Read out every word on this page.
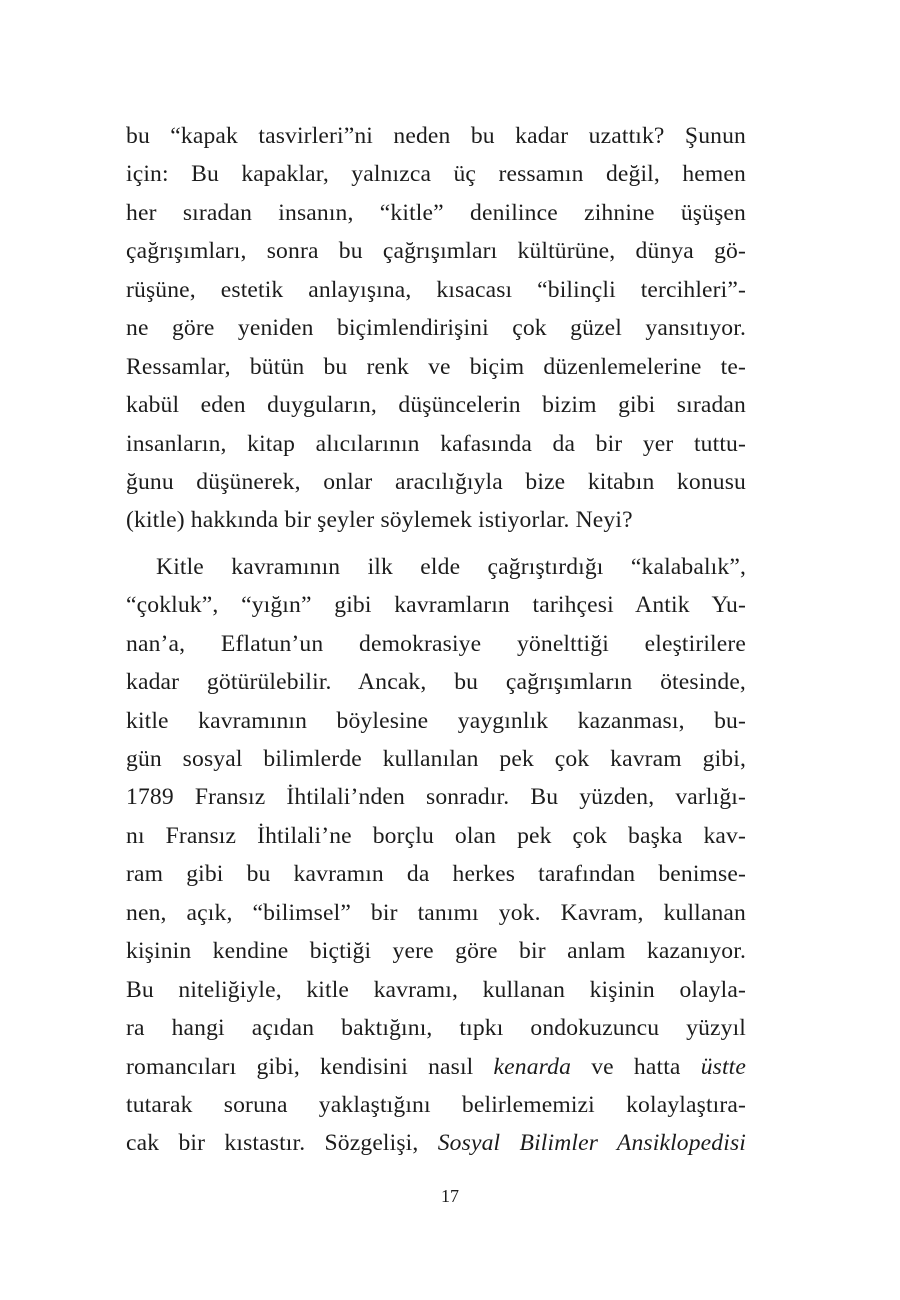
bu “kapak tasvirleri”ni neden bu kadar uzattık? Şunun
için: Bu kapaklar, yalnızca üç ressamın değil, hemen
her sıradan insanın, “kitle” denilince zihnine üşüşen
çağrışımları, sonra bu çağrışımları kültürüne, dünya gö-
rüşüne, estetik anlayışına, kısacası “bilinçli tercihleri”-
ne göre yeniden biçimlendirişini çok güzel yansıtıyor.
Ressamlar, bütün bu renk ve biçim düzenlemelerine te-
kabül eden duyguların, düşüncelerin bizim gibi sıradan
insanların, kitap alıcılarının kafasında da bir yer tuttu-
ğunu düşünerek, onlar aracılığıyla bize kitabın konusu
(kitle) hakkında bir şeyler söylemek istiyorlar. Neyi?
Kitle kavramının ilk elde çağrıştırdığı “kalabalık”,
“çokluk”, “yığın” gibi kavramların tarihçesi Antik Yu-
nan’a, Eflatun’un demokrasiye yönelttiği eleştirilere
kadar götürülebilir. Ancak, bu çağrışımların ötesinde,
kitle kavramının böylesine yaygınlık kazanması, bu-
gün sosyal bilimlerde kullanılan pek çok kavram gibi,
1789 Fransız İhtilali’nden sonradır. Bu yüzden, varlığı-
nı Fransız İhtilali’ne borçlu olan pek çok başka kav-
ram gibi bu kavramın da herkes tarafından benimse-
nen, açık, “bilimsel” bir tanımı yok. Kavram, kullanan
kişinin kendine biçtiği yere göre bir anlam kazanıyor.
Bu niteliğiyle, kitle kavramı, kullanan kişinin olayla-
ra hangi açıdan baktığını, tıpkı ondokuzuncu yüzyıl
romancıları gibi, kendisini nasıl kenarda ve hatta üstte
tutarak soruna yaklaştığını belirlememizi kolaylaştıra-
cak bir kıstastır. Sözgelişi, Sosyal Bilimler Ansiklopedisi
17
